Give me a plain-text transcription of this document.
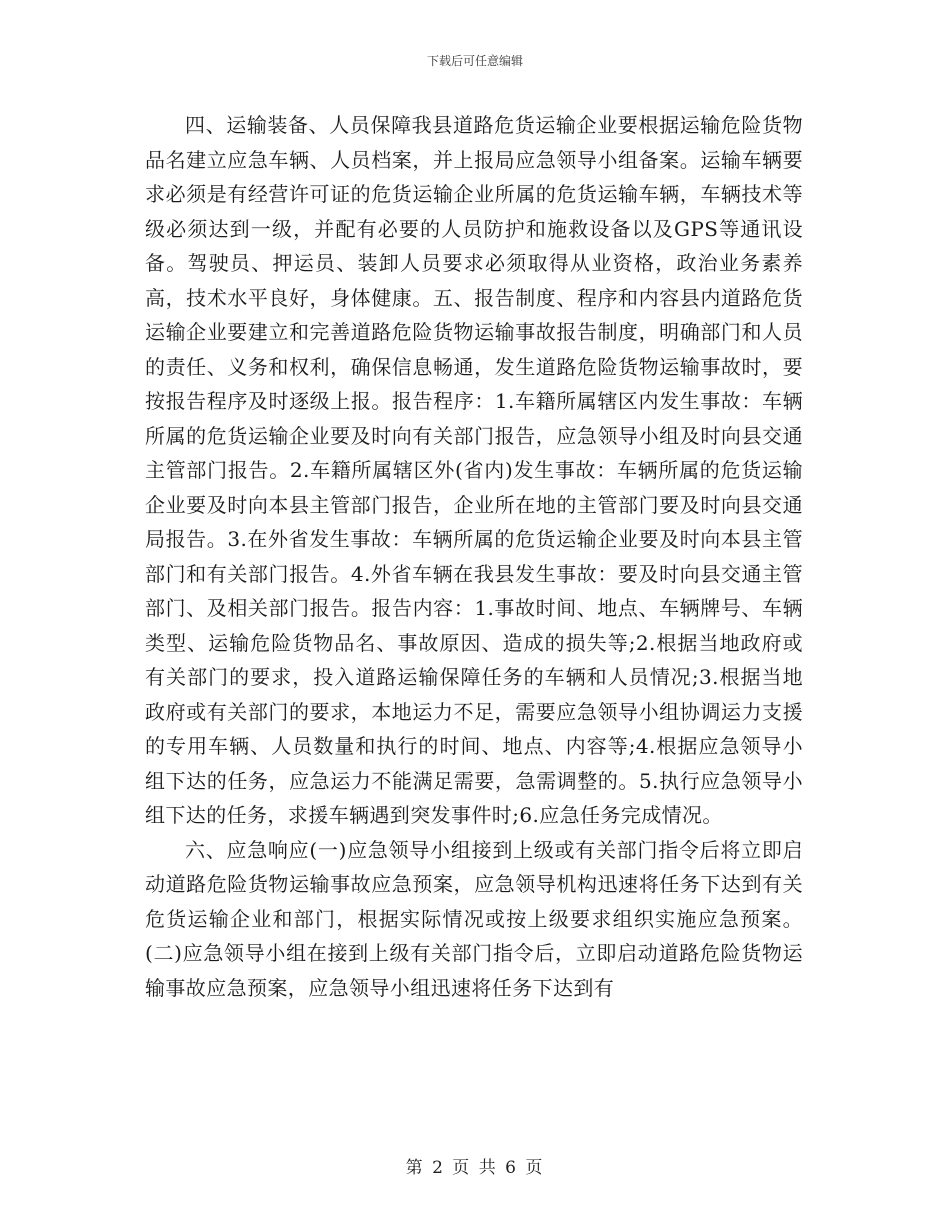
下载后可任意编辑

四、运输装备、人员保障我县道路危货运输企业要根据运输危险货物品名建立应急车辆、人员档案，并上报局应急领导小组备案。运输车辆要求必须是有经营许可证的危货运输企业所属的危货运输车辆，车辆技术等级必须达到一级，并配有必要的人员防护和施救设备以及GPS等通讯设备。驾驶员、押运员、装卸人员要求必须取得从业资格，政治业务素养高，技术水平良好，身体健康。五、报告制度、程序和内容县内道路危货运输企业要建立和完善道路危险货物运输事故报告制度，明确部门和人员的责任、义务和权利，确保信息畅通，发生道路危险货物运输事故时，要按报告程序及时逐级上报。报告程序：1.车籍所属辖区内发生事故：车辆所属的危货运输企业要及时向有关部门报告，应急领导小组及时向县交通主管部门报告。2.车籍所属辖区外(省内)发生事故：车辆所属的危货运输企业要及时向本县主管部门报告，企业所在地的主管部门要及时向县交通局报告。3.在外省发生事故：车辆所属的危货运输企业要及时向本县主管部门和有关部门报告。4.外省车辆在我县发生事故：要及时向县交通主管部门、及相关部门报告。报告内容：1.事故时间、地点、车辆牌号、车辆类型、运输危险货物品名、事故原因、造成的损失等;2.根据当地政府或有关部门的要求，投入道路运输保障任务的车辆和人员情况;3.根据当地政府或有关部门的要求，本地运力不足，需要应急领导小组协调运力支援的专用车辆、人员数量和执行的时间、地点、内容等;4.根据应急领导小组下达的任务，应急运力不能满足需要，急需调整的。5.执行应急领导小组下达的任务，求援车辆遇到突发事件时;6.应急任务完成情况。

六、应急响应(一)应急领导小组接到上级或有关部门指令后将立即启动道路危险货物运输事故应急预案，应急领导机构迅速将任务下达到有关危货运输企业和部门，根据实际情况或按上级要求组织实施应急预案。(二)应急领导小组在接到上级有关部门指令后，立即启动道路危险货物运输事故应急预案，应急领导小组迅速将任务下达到有

第 2 页 共 6 页
